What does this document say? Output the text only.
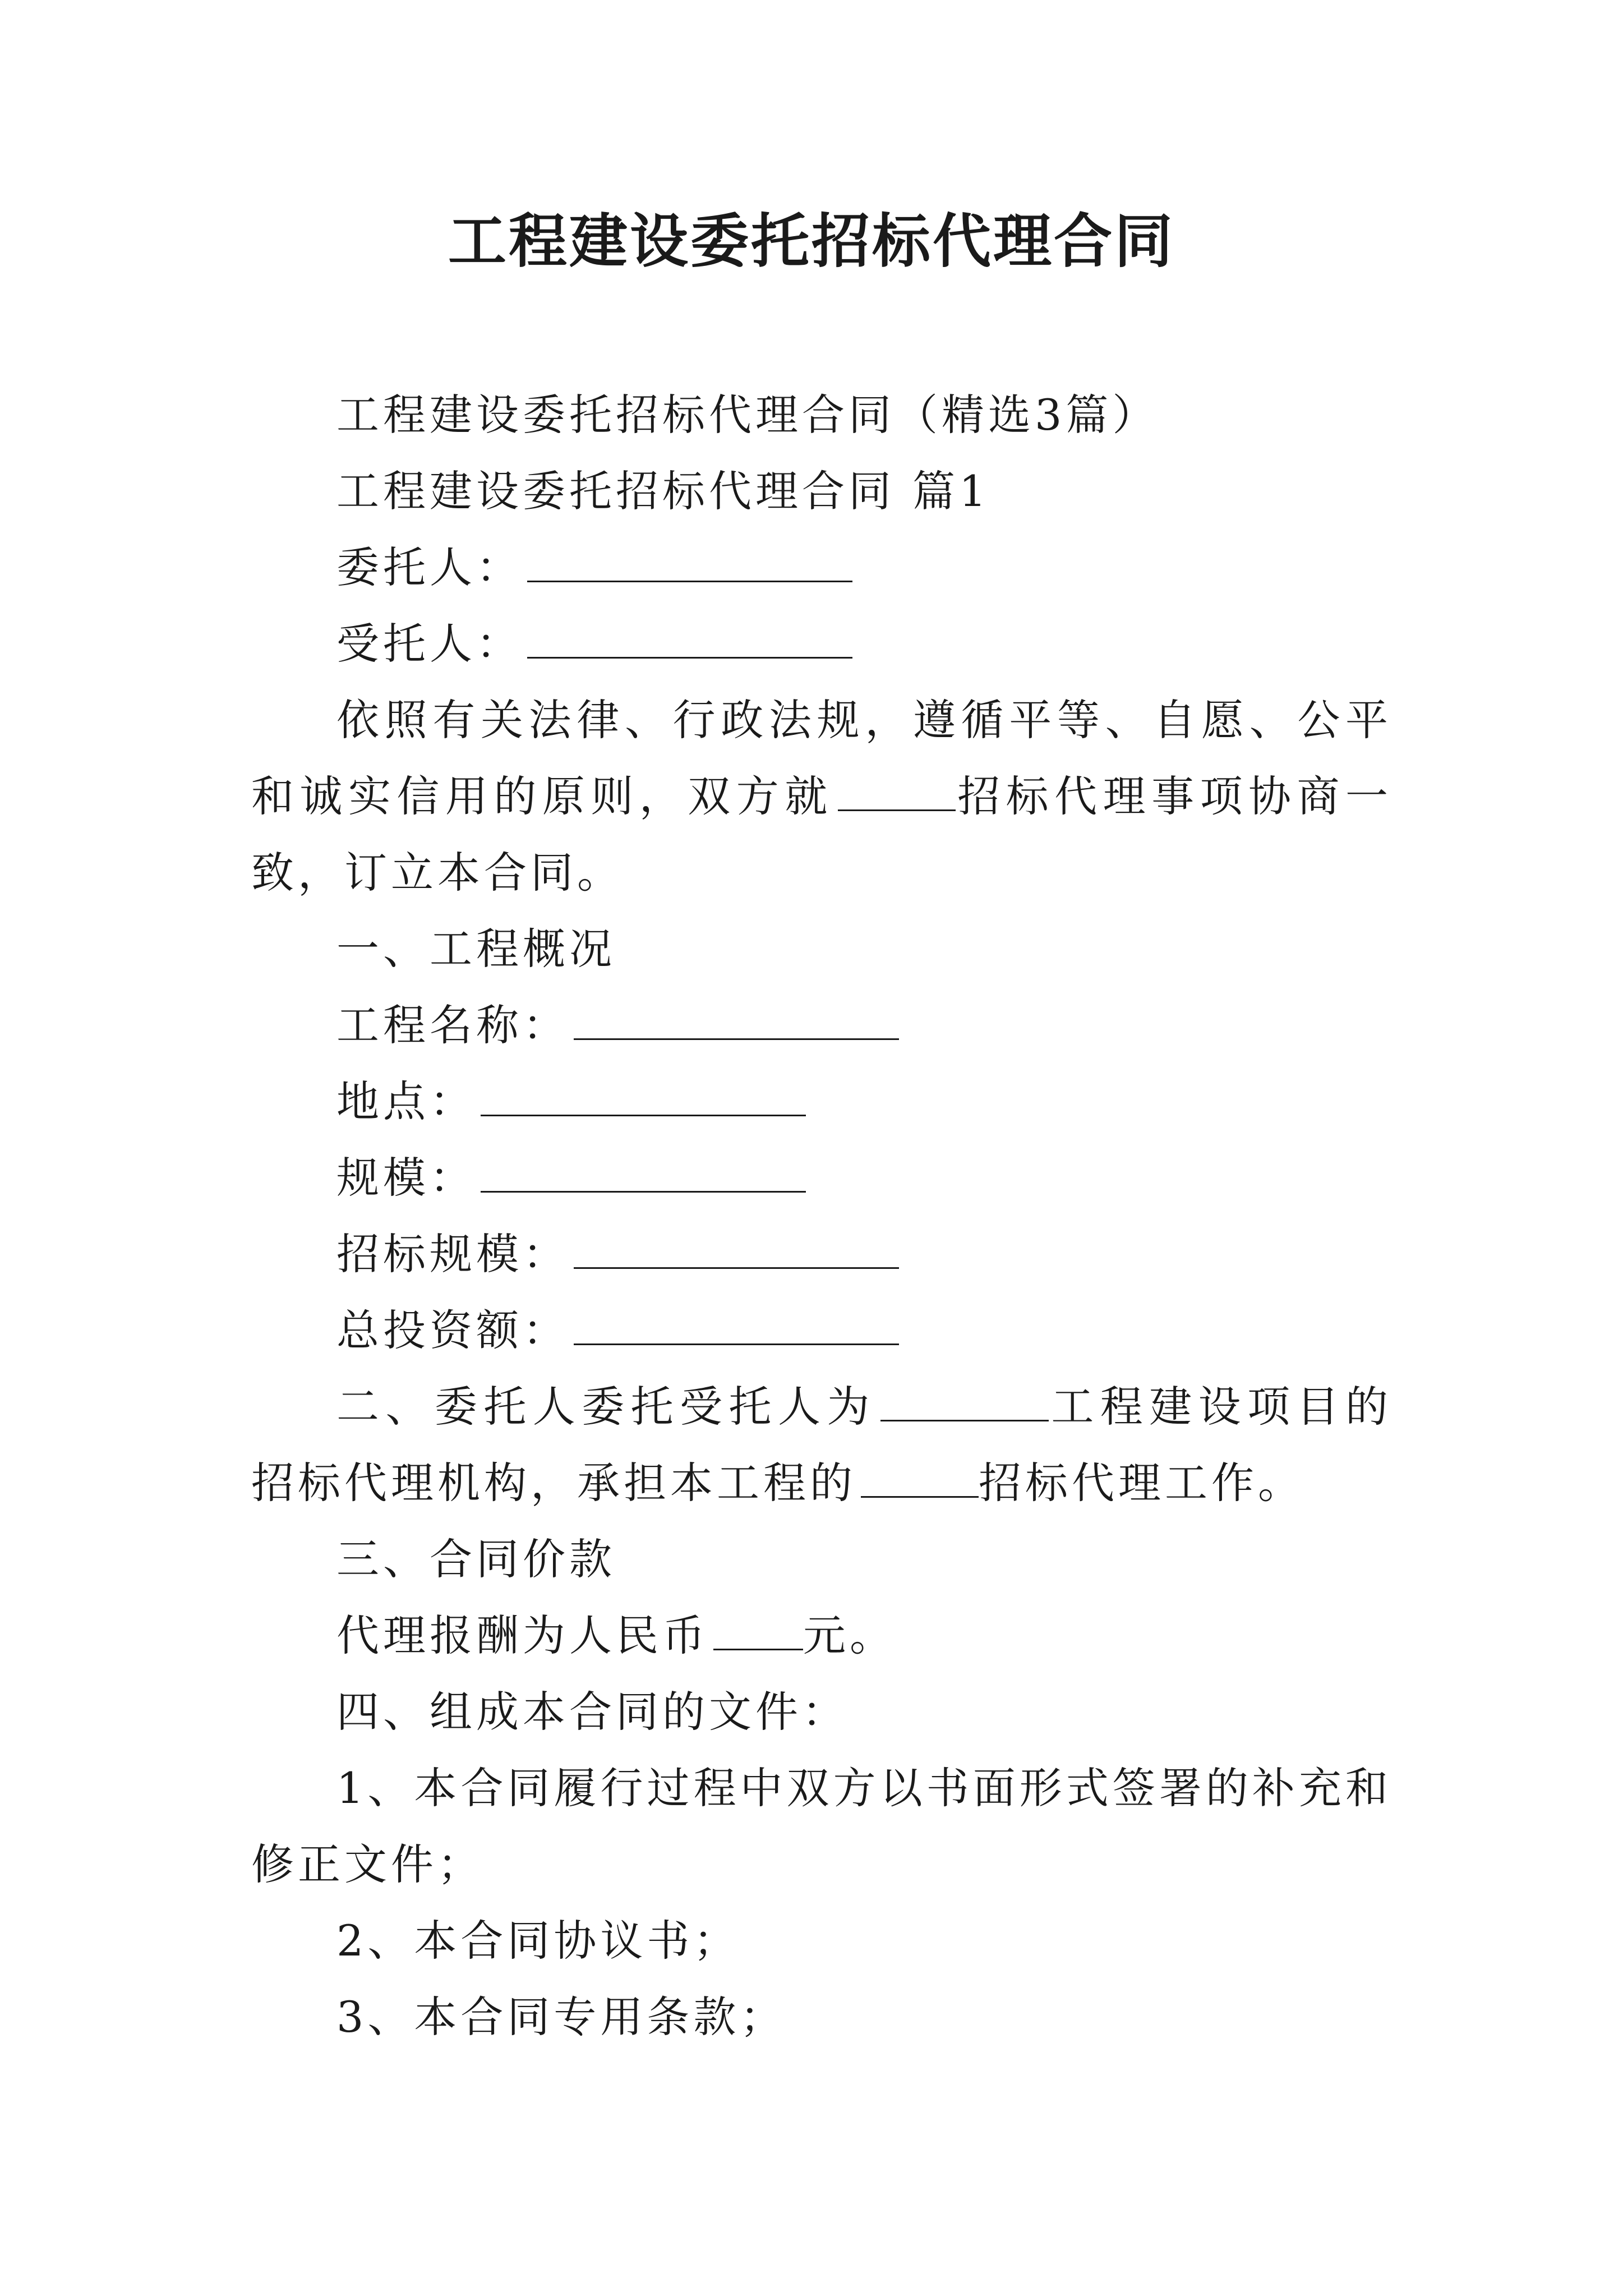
工程建设委托招标代理合同

工程建设委托招标代理合同（精选3篇）

工程建设委托招标代理合同 篇1

委托人：

受托人：

依照有关法律、行政法规，遵循平等、自愿、公平和诚实信用的原则，双方就	招标代理事项协商一致，订立本合同。

一、工程概况

工程名称：

地点：

规模：

招标规模：

总投资额：

二、委托人委托受托人为	工程建设项目的招标代理机构，承担本工程的	招标代理工作。

三、合同价款

代理报酬为人民币 元。

四、组成本合同的文件：

1、本合同履行过程中双方以书面形式签署的补充和修正文件；

2、本合同协议书；

3、本合同专用条款；
